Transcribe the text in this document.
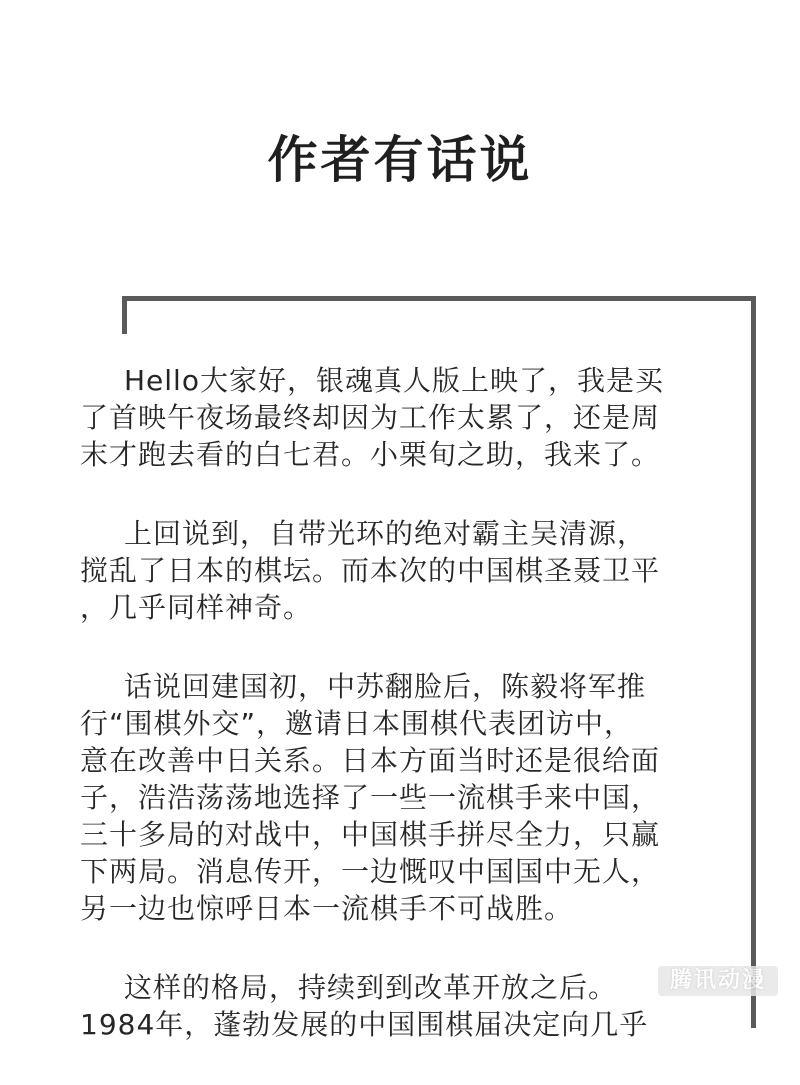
作者有话说
Hello大家好，银魂真人版上映了，我是买
了首映午夜场最终却因为工作太累了，还是周
末才跑去看的白七君。小栗旬之助，我来了。
上回说到，自带光环的绝对霸主吴清源，
搅乱了日本的棋坛。而本次的中国棋圣聂卫平
，几乎同样神奇。
话说回建国初，中苏翻脸后，陈毅将军推
行“围棋外交”，邀请日本围棋代表团访中，
意在改善中日关系。日本方面当时还是很给面
子，浩浩荡荡地选择了一些一流棋手来中国，
三十多局的对战中，中国棋手拼尽全力，只赢
下两局。消息传开，一边慨叹中国国中无人，
另一边也惊呼日本一流棋手不可战胜。
这样的格局，持续到到改革开放之后。
1984年，蓬勃发展的中国围棋届决定向几乎
腾讯动漫
